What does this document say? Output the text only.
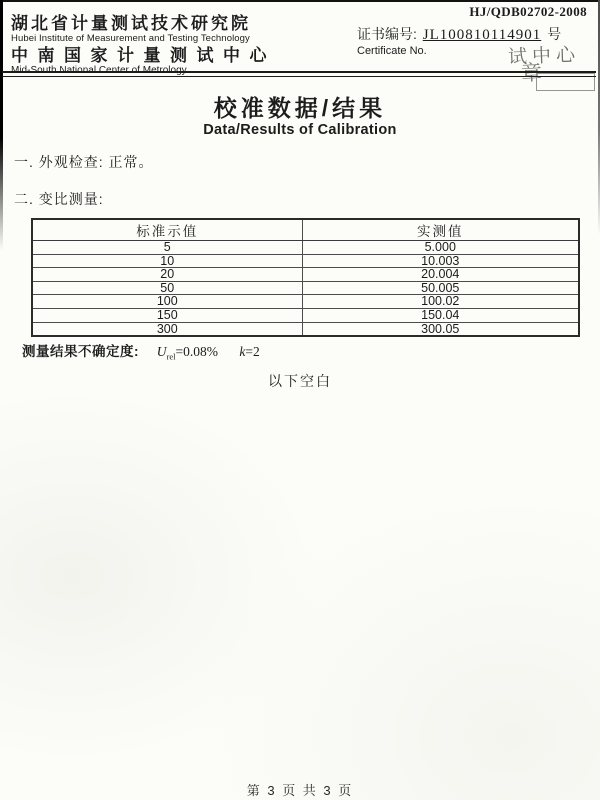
HJ/QDB02702-2008
湖北省计量测试技术研究院
Hubei Institute of Measurement and Testing Technology
中南国家计量测试中心
Mid-South National Center of Metrology
证书编号: JL100810114901 号
Certificate No.	试中心
章
校准数据/结果
Data/Results of Calibration
一. 外观检查: 正常。
二. 变比测量:
标准示值	实测值
5	5.000
10	10.003
20	20.004
50	50.005
100	100.02
150	150.04
300	300.05
测量结果不确定度: $U_{rel}=0.08\%$ k=2
以下空白
第 3 页 共 3 页
